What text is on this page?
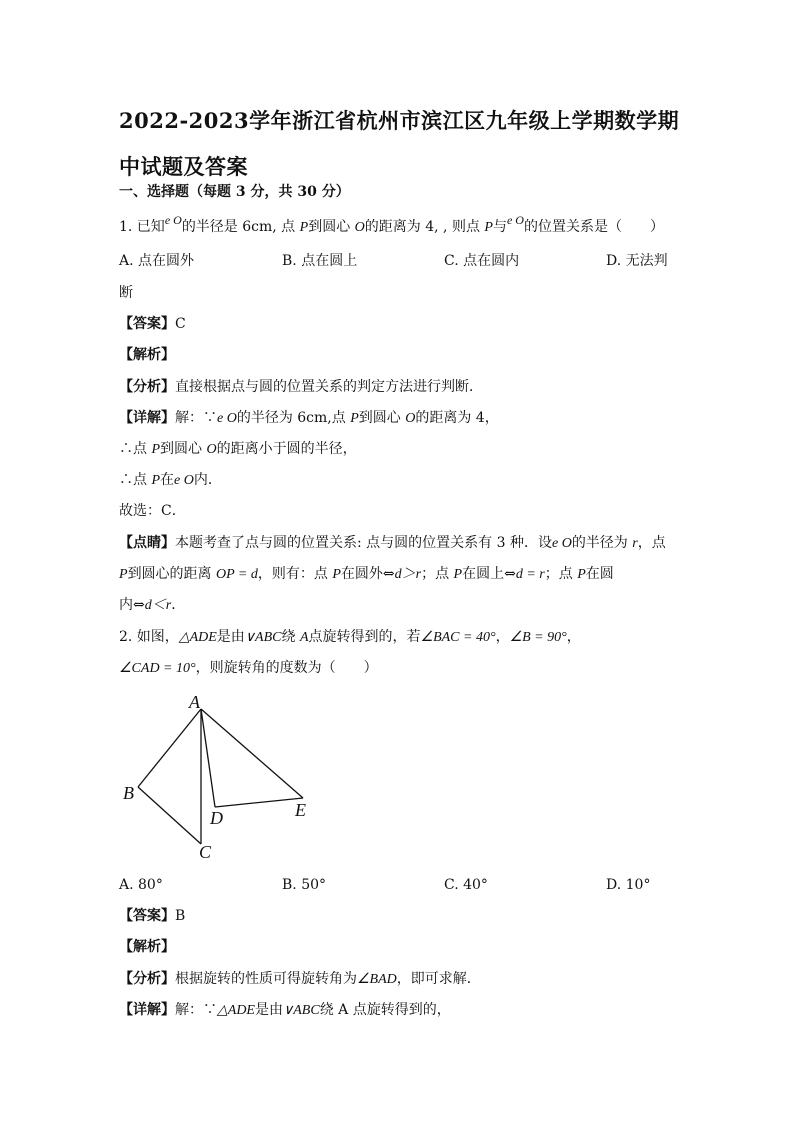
2022-2023学年浙江省杭州市滨江区九年级上学期数学期中试题及答案
一、选择题（每题 3 分，共 30 分）
1. 已知e O的半径是 6cm, 点 P到圆心 O的距离为 4, , 则点 P与e O的位置关系是（　　）
A. 点在圆外	B. 点在圆上	C. 点在圆内	D. 无法判
断
【答案】C
【解析】
【分析】直接根据点与圆的位置关系的判定方法进行判断．
【详解】解：∵e O的半径为 6cm,点 P到圆心 O的距离为 4，
∴点 P到圆心 O的距离小于圆的半径，
∴点 P在e O内．
故选：C．
【点睛】本题考查了点与圆的位置关系: 点与圆的位置关系有 3 种．设e O的半径为 r，点
P到圆心的距离 OP = d，则有：点 P在圆外⇔d＞r；点 P在圆上⇔d = r；点 P在圆
内⇔d＜r．
2. 如图，△ADE是由∨ABC绕 A点旋转得到的，若∠BAC = 40°，∠B = 90°，
∠CAD = 10°，则旋转角的度数为（　　）
A
B
D	E
C
A. 80°	B. 50°	C. 40°	D. 10°
【答案】B
【解析】
【分析】根据旋转的性质可得旋转角为∠BAD，即可求解．
【详解】解：∵△ADE是由∨ABC绕 A 点旋转得到的，
